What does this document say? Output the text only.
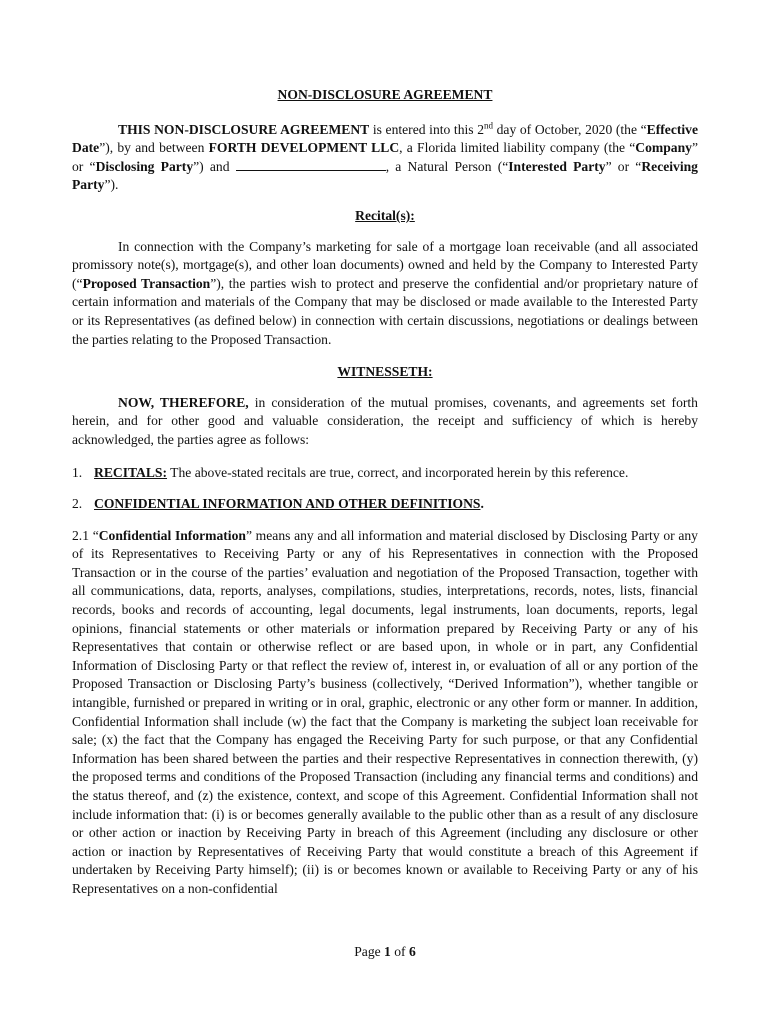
NON-DISCLOSURE AGREEMENT

THIS NON-DISCLOSURE AGREEMENT is entered into this 2nd day of October, 2020 (the “Effective Date”), by and between FORTH DEVELOPMENT LLC, a Florida limited liability company (the “Company” or “Disclosing Party”) and	, a Natural Person (“Interested Party” or “Receiving Party”).

Recital(s):

In connection with the Company’s marketing for sale of a mortgage loan receivable (and all associated promissory note(s), mortgage(s), and other loan documents) owned and held by the Company to Interested Party (“Proposed Transaction”), the parties wish to protect and preserve the confidential and/or proprietary nature of certain information and materials of the Company that may be disclosed or made available to the Interested Party or its Representatives (as defined below) in connection with certain discussions, negotiations or dealings between the parties relating to the Proposed Transaction.

WITNESSETH:

NOW, THEREFORE, in consideration of the mutual promises, covenants, and agreements set forth herein, and for other good and valuable consideration, the receipt and sufficiency of which is hereby acknowledged, the parties agree as follows:

1. RECITALS: The above-stated recitals are true, correct, and incorporated herein by this reference.

2. CONFIDENTIAL INFORMATION AND OTHER DEFINITIONS.

2.1 “Confidential Information” means any and all information and material disclosed by Disclosing Party or any of its Representatives to Receiving Party or any of his Representatives in connection with the Proposed Transaction or in the course of the parties’ evaluation and negotiation of the Proposed Transaction, together with all communications, data, reports, analyses, compilations, studies, interpretations, records, notes, lists, financial records, books and records of accounting, legal documents, legal instruments, loan documents, reports, legal opinions, financial statements or other materials or information prepared by Receiving Party or any of his Representatives that contain or otherwise reflect or are based upon, in whole or in part, any Confidential Information of Disclosing Party or that reflect the review of, interest in, or evaluation of all or any portion of the Proposed Transaction or Disclosing Party’s business (collectively, “Derived Information”), whether tangible or intangible, furnished or prepared in writing or in oral, graphic, electronic or any other form or manner. In addition, Confidential Information shall include (w) the fact that the Company is marketing the subject loan receivable for sale; (x) the fact that the Company has engaged the Receiving Party for such purpose, or that any Confidential Information has been shared between the parties and their respective Representatives in connection therewith, (y) the proposed terms and conditions of the Proposed Transaction (including any financial terms and conditions) and the status thereof, and (z) the existence, context, and scope of this Agreement. Confidential Information shall not include information that: (i) is or becomes generally available to the public other than as a result of any disclosure or other action or inaction by Receiving Party in breach of this Agreement (including any disclosure or other action or inaction by Representatives of Receiving Party that would constitute a breach of this Agreement if undertaken by Receiving Party himself); (ii) is or becomes known or available to Receiving Party or any of his Representatives on a non-confidential

Page 1 of 6
